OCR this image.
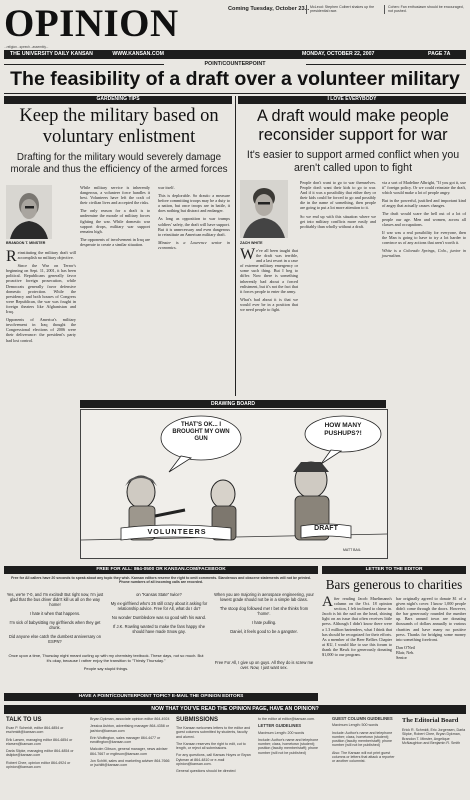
OPINION	Coming Tuesday, October 23... McLeod: Stephen Colbert shakes up the presidential race.
Cohen: Fan enthusiasm should be encouraged, not pushed.
...religion...speech...assembly...
THE UNIVERSITY DAILY KANSAN	WWW.KANSAN.COM	MONDAY, OCTOBER 22, 2007	PAGE 7A
POINT/COUNTERPOINT
The feasibility of a draft over a volunteer military
GARDENING TIPS
Keep the military based on voluntary enlistment
Drafting for the military would severely damage morale and thus the efficiency of the armed forces
BRANDON T. MINSTER

Reinstituting the military draft will accomplish no military objective.

Since the War on Terror's beginning on Sept. 11, 2001, it has been political. Republicans generally favor proactive foreign prosecution, while Democrats generally favor defensive domestic protection. While the presidency and both houses of Congress were Republican, the war was fought in foreign theaters like Afghanistan and Iraq.

Opponents of America's military involvement in Iraq thought the Congressional elections of 2006 were their deliverance: the president's party had lost control.

While military service is inherently dangerous, a volunteer force handles it best. Volunteers have left the craft of their civilian lives and accepted the risks.

The only reason for a draft is to undermine the morale of military forces fighting the war. While domestic war support drops, military war support remains high.

The opponents of involvement in Iraq are desperate to create a similar situation.

war itself.

This is deplorable. So drastic a measure before committing troops may be a duty to a nation, but once troops are in battle, it does nothing but distract and endanger.

As long as opposition to war trumps soldiers' safety, the draft will have support. But it is unnecessary and even dangerous to reinstitute an American military draft.

Minster is a Lawrence senior in economics.

I LOVE EVERYBODY
A draft would make people reconsider support for war
It's easier to support armed conflict when you aren't called upon to fight
ZACH WHITE

We've all been taught that the draft was terrible, and a last resort in a case of extreme military emergency or some such thing. But I beg to differ. Now there is something inherently bad about a forced enlistment, but it's not the fact that it forces people to enter the army.

What's bad about it is that we would ever be in a position that we need people to fight.

People don't want to go to war themselves. People don't want their kids to go to war. And if it was a possibility that either they or their kids could be forced to go and possibly die in the name of something, then people are going to put a lot more attention to it.

So we end up with this situation where we get into military conflicts more easily and profitably than wholly without a draft.

via a sort of Madeline Albright, "If you got it, use it" foreign policy. Or we could reinstate the draft, which would make a lot of people angry.

But in the powerful, justified and important kind of angry that actually causes changes.

The draft would scare the hell out of a lot of people our age. Men and women, across all classes and occupations.

If war was a real possibility for everyone, then the Man is going to have to try a lot harder to convince us of any actions that aren't worth it.

White is a Colorado Springs, Colo., junior in journalism.

DRAWING BOARD
THAT'S OK... I BROUGHT MY OWN GUN
HOW MANY PUSHUPS?!
VOLUNTEERS	DRAFT
MATT BAIL
FREE FOR ALL: 864-0500 OR KANSAN.COM/FACEBOOK
Free for All callers have 20 seconds to speak about any topic they wish. Kansan editors reserve the right to omit comments. Slanderous and obscene statements will not be printed. Phone numbers of all incoming calls are recorded.

Yes, we're 7-0, and I'm excited! But right now, I'm just glad that the bus driver didn't kill us all on the way home!

I hate it when that happens.

I'm sick of babysitting my girlfriends when they get drunk.

Did anyone else catch the dumbest anniversary on ESPN?

on "Kansas State" twice?

My ex-girlfriend who's 26 still crazy about it asking for relationship advice. Free for All, what do I do?

No wonder Dumbledore was so good with his wand.

If J.K. Rowling wanted to make the fans happy she should have made Snow gay.

When you are majoring in aerospace engineering, your lowest grade should not be in a simple lab class.

The stoop dog followed me! I bet she thinks from 'home'.

I hate pulling.

Daniel, it feels good to be a gangster.

LETTER TO THE EDITOR
HAVE A POINT/COUNTERPOINT TOPIC? E-MAIL THE OPINION EDITORS
NOW THAT YOU'VE READ THE OPINION PAGE, HAVE AN OPINION?
TALK TO US
Evan P. Schmidt, editor 864-4854 or eschmidt@kansan.com
Erik Larsen, managing editor 864-4854 or elarsen@kansan.com
Darla Slipke, managing editor 864-4854 or dslipke@kansan.com
Robert Chee, opinion editor 864-4924 or opinion@kansan.com
Bryan Dykman, associate opinion editor 864-4924
Jessica Ashton, advertising manager 864-4358 or jashton@kansan.com
Erin Wolfington, sales manager 864-4477 or ewolfington@kansan.com
Malcolm Gibson, general manager, news adviser 864-7667 or mgibson@kansan.com
Jon Schlitt, sales and marketing adviser 864-7666 or jschlitt@kansan.com
SUBMISSIONS
The Kansan welcomes letters to the editor and guest columns submitted by students, faculty and alumni.
The Kansan reserves the right to edit, cut to length, or reject all submissions.
For any questions, call Kansas Hoyes or Bryan Dykman at 864-4810 or e-mail opinion@kansan.com.
General questions should be directed
to the editor at editor@kansan.com.
LETTER GUIDELINES
Maximum Length: 200 words
Include: Author's name and telephone number; class, hometown (student); position (faculty member/staff); phone number (will not be published)
GUEST COLUMN GUIDELINES
Maximum Length: 500 words
Include: Author's name and telephone number; class, hometown (student); position (faculty member/staff); phone number (will not be published)
Also: The Kansan will not print guest columns or letters that attack a reporter or another columnist.
The Editorial Board
Erick R. Schmidt, Eric Jorgensen, Darla Slipke, Robert Chee, Bryan Dykman, Brandon T. Minster, Angelique McNaughton and Benjamin R. Smith
Bars generous to charities

After reading Jacob Mueltmann's column on the Oct. 18 opinion section, I felt inclined to chime in. Jacob is hit the nail on the head, shining light on an issue that often receives little press. Although I didn't know there were a 1.3 million bartenders, what I think that has should be recognized for their efforts. As a member of the Beer Bellies Chapter at KU, I would like to use this forum to thank the Hawk for generously donating $1,000 to our program.

bar originally agreed to donate $1 of a given night's cover. I know 1,000 people didn't come through the doors. However, the bar generously rounded the number up. Bars around town are donating thousands of dollars annually to various charities and have many no positive press. Thanks for bridging some money into something forefront.

Dan O'Neil

Blair, Neb.

Senior

Free For All, I give up on guys. All they do is screw me over. Now, I just want sex.

Once upon a time, Thursday night meant curling up with my chemistry textbook. These days, not so much. But it's okay, because I rather enjoy the transition to "Thirsty Thursday."

People say stupid things.
